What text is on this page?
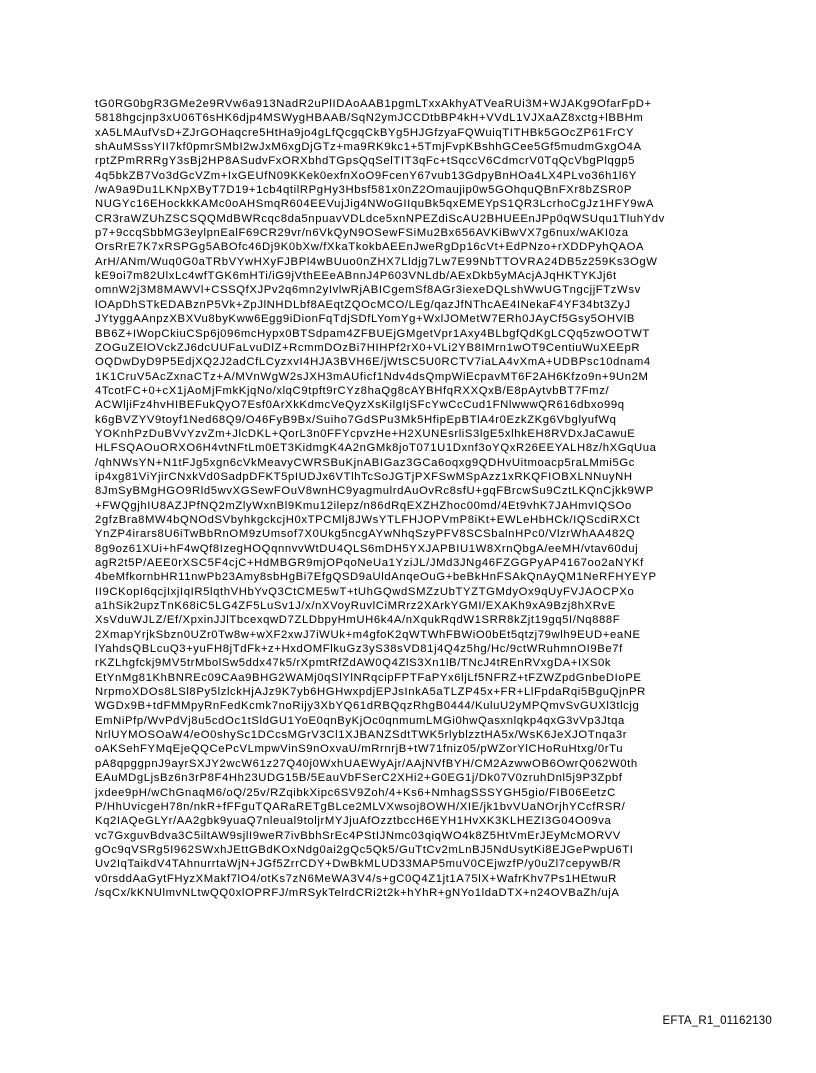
tG0RG0bgR3GMe2e9RVw6a913NadR2uPlIDAoAAB1pgmLTxxAkhyATVeaRUi3M+WJAKg9OfarFpD+
5818hgcjnp3xU06T6sHK6djp4MSWygHBAAB/SqN2ymJCCDtbBP4kH+VVdL1VJXaAZ8xctg+lBBHm
xA5LMAufVsD+ZJrGOHaqcre5HtHa9jo4gLfQcgqCkBYg5HJGfzyaFQWuiqTITHBk5GOcZP61FrCY
shAuMSssYII7kf0pmrSMbI2wJxM6xgDjGTz+ma9RK9kc1+5TmjFvpKBshhGCee5Gf5mudmGxgO4A
rptZPmRRRgY3sBj2HP8ASudvFxORXbhdTGpsQqSelTIT3qFc+tSqccV6CdmcrV0TqQcVbgPlqgp5
4q5bkZB7Vo3dGcVZm+IxGEUfN09KKek0exfnXoO9FcenY67vub13GdpyBnHOa4LX4PLvo36h1l6Y
/wA9a9Du1LKNpXByT7D19+1cb4qtilRPgHy3Hbsf581x0nZ2Omaujip0w5GOhquQBnFXr8bZSR0P
NUGYc16EHockkKAMc0oAHSmqR604EEVujJig4NWoGIIquBk5qxEMEYpS1QR3LcrhoCgJz1HFY9wA
CR3raWZUhZSCSQQMdBWRcqc8da5npuavVDLdce5xnNPEZdiScAU2BHUEEnJPp0qWSUqu1TluhYdv
p7+9ccqSbbMG3eylpnEalF69CR29vr/n6VkQyN9OSewFSiMu2Bx656AVKiBwVX7g6nux/wAKI0za
OrsRrE7K7xRSPGg5ABOfc46Dj9K0bXw/fXkaTkokbAEEnJweRgDp16cVt+EdPNzo+rXDDPyhQAOA
ArH/ANm/Wuq0G0aTRbVYwHXyFJBPl4wBUuo0nZHX7Lldjg7Lw7E99NbTTOVRA24DB5z259Ks3OgW
kE9oi7m82UlxLc4wfTGK6mHTi/iG9jVthEEeABnnJ4P603VNLdb/AExDkb5yMAcjAJqHKTYKJj6t
omnW2j3M8MAWVl+CSSQfXJPv2q6mn2yIvlwRjABICgemSf8AGr3iexeDQLshWwUGTngcjjFTzWsv
lOApDhSTkEDABznP5Vk+ZpJlNHDLbf8AEqtZQOcMCO/LEg/qazJfNThcAE4INekaF4YF34bt3ZyJ
JYtyggAAnpzXBXVu8byKww6Egg9iDionFqTdjSDfLYomYg+WxlJOMetW7ERh0JAyCf5Gsy5OHVlB
BB6Z+IWopCkiuCSp6j096mcHypx0BTSdpam4ZFBUEjGMgetVpr1Axy4BLbgfQdKgLCQq5zwOOTWT
ZOGuZElOVckZJ6dcUUFaLvuDlZ+RcmmDOzBi7HIHPf2rX0+VLi2YB8IMrn1wOT9CentiuWuXEEpR
OQDwDyD9P5EdjXQ2J2adCfLCyzxvI4HJA3BVH6E/jWtSC5U0RCTV7iaLA4vXmA+UDBPsc10dnam4
1K1CruV5AcZxnaCTz+A/MVnWgW2sJXH3mAUficf1Ndv4dsQmpWiEcpavMT6F2AH6Kfzo9n+9Un2M
4TcotFC+0+cX1jAoMjFmkKjqNo/xlqC9tpft9rCYz8haQg8cAYBHfqRXXQxB/E8pAytvbBT7Fmz/
ACWljiFz4hvHIBEFukQyO7Esf0ArXkKdmcVeQyzXsKilgIjSFcYwCcCud1FNlwwwQR616dbxo99q
k6gBVZYV9toyf1Ned68Q9/O46FyB9Bx/Suiho7GdSPu3Mk5HfipEpBTlA4r0EzkZKg6VbglyufWq
YOKnhPzDuBVvYzvZm+JlcDKL+QorL3n0FFYcpvzHe+H2XUNEsrliS3lgE5xlhkEH8RVDxJaCawuE
HLFSQAOuORXO6H4vtNFtLm0ET3KidmgK4A2nGMk8joT071U1Dxnf3oYQxR26EEYALH8z/hXGqUua
/qhNWsYN+N1tFJg5xgn6cVkMeavyCWRSBuKjnABIGaz3GCa6oqxg9QDHvUitmoacp5raLMmi5Gc
ip4xg81ViYjirCNxkVd0SadpDFKT5pIUDJx6VTlhTcSoJGTjPXFSwMSpAzz1xRKQFIOBXLNNuyNH
8JmSyBMgHGO9Rld5wvXGSewFOuV8wnHC9yagmulrdAuOvRc8sfU+gqFBrcwSu9CztLKQnCjkk9WP
+FWQgjhIU8AZJPfNQ2mZlyWxnBl9Kmu12ilepz/n86dRqEXZHZhoc00md/4Et9vhK7JAHmvIQSOo
2gfzBra8MW4bQNOdSVbyhkgckcjH0xTPCMlj8JWsYTLFHJOPVmP8iKt+EWLeHbHCk/IQScdiRXCt
YnZP4irars8U6iTwBbRnOM9zUmsof7X0Ukg5ncgAYwNhqSzyPFV8SCSbalnHPc0/VlzrWhAA482Q
8g9oz61XUi+hF4wQf8IzegHOQqnnvvWtDU4QLS6mDH5YXJAPBIU1W8XrnQbgA/eeMH/vtav60duj
agR2t5P/AEE0rXSC5F4cjC+HdMBGR9mjOPqoNeUa1YziJL/JMd3JNg46FZGGPyAP4167oo2aNYKf
4beMfkornbHR11nwPb23Amy8sbHgBi7EfgQSD9aUldAnqeOuG+beBkHnFSAkQnAyQM1NeRFHYEYP
II9CKopI6qcjIxjIqIR5lqthVHbYvQ3CtCME5wT+tUhGQwdSMZzUbTYZTGMdyOx9qUyFVJAOCPXo
a1hSik2upzTnK68iC5LG4ZF5LuSv1J/x/nXVoyRuvlCiMRrz2XArkYGMI/EXAKh9xA9Bzj8hXRvE
XsVduWJLZ/Ef/XpxinJJlTbcexqwD7ZLDbpyHmUH6k4A/nXqukRqdW1SRR8kZjt19gq5I/Nq888F
2XmapYrjkSbzn0UZr0Tw8w+wXF2xwJ7iWUk+m4gfoK2qWTWhFBWiO0bEt5qtzj79wlh9EUD+eaNE
lYahdsQBLcuQ3+yuFH8jTdFk+z+HxdOMFlkuGz3yS38sVD81j4Q4z5hg/Hc/9ctWRuhmnOI9Be7f
rKZLhgfckj9MV5trMbolSw5ddx47k5/rXpmtRfZdAW0Q4ZlS3Xn1lB/TNcJ4tREnRVxgDA+IXS0k
EtYnMg81KhBNREc09CAa9BHG2WAMj0qSlYlNRqcipFPTFaPYx6ljLf5NFRZ+tFZWZpdGnbeDIoPE
NrpmoXDOs8LSl8Py5lzlckHjAJz9K7yb6HGHwxpdjEPJsInkA5aTLZP45x+FR+LlFpdaRqi5BguQjnPR
WGDx9B+tdFMMpyRnFedKcmk7noRijy3XbYQ61dRBQqzRhgB0444/KuluU2yMPQmvSvGUXl3tlcjg
EmNiPfp/WvPdVj8u5cdOc1tSldGU1YoE0qnByKjOc0qnmumLMGi0hwQasxnlqkp4qxG3vVp3Jtqa
NrlUYMOSOaW4/eO0shySc1DCcsMGrV3Cl1XJBANZSdtTWK5rlyblzztHA5x/WsK6JeXJOTnqa3r
oAKSehFYMqEjeQQCePcVLmpwVinS9nOxvaU/mRrnrjB+tW71fniz05/pWZorYlCHoRuHtxg/0rTu
pA8qpggpnJ9ayrSXJY2wcW61z27Q40j0WxhUAEWyAjr/AAjNVfBYH/CM2AzwwOB6OwrQ062W0th
EAuMDgLjsBz6n3rP8F4Hh23UDG15B/5EauVbFSerC2XHi2+G0EG1j/Dk07V0zruhDnl5j9P3Zpbf
jxdee9pH/wChGnaqM6/oQ/25v/RZqibkXipc6SV9Zoh/4+Ks6+NmhagSSSYGH5gio/FIB06EetzC
P/HhUvicgeH78n/nkR+fFFguTQARaRETgBLce2MLVXwsoj8OWH/XIE/jk1bvVUaNOrjhYCcfRSR/
Kq2IAQeGLYr/AA2gbk9yuaQ7nleual9toljrMYJjuAfOzztbccH6EYH1HvXK3KLHEZI3G04O09va
vc7GxguvBdva3C5iltAW9sjlI9weR7ivBbhSrEc4PStIJNmc03qiqWO4k8Z5HtVmErJEyMcMORVV
gOc9qVSRg5I962SWxhJEttGBdKOxNdg0ai2gQc5Qk5/GuTtCv2mLnBJ5NdUsytKi8EJGePwpU6TI
Uv2IqTaikdV4TAhnurrtaWjN+JGf5ZrrCDY+DwBkMLUD33MAP5muV0CEjwzfP/y0uZl7cepywB/R
v0rsddAaGytFHyzXMakf7lO4/otKs7zN6MeWA3V4/s+gC0Q4Z1jt1A75lX+WafrKhv7Ps1HEtwuR
/sqCx/kKNUlmvNLtwQQ0xlOPRFJ/mRSykTelrdCRi2t2k+hYhR+gNYo1ldaDTX+n24OVBaZh/ujA
EFTA_R1_01162130
